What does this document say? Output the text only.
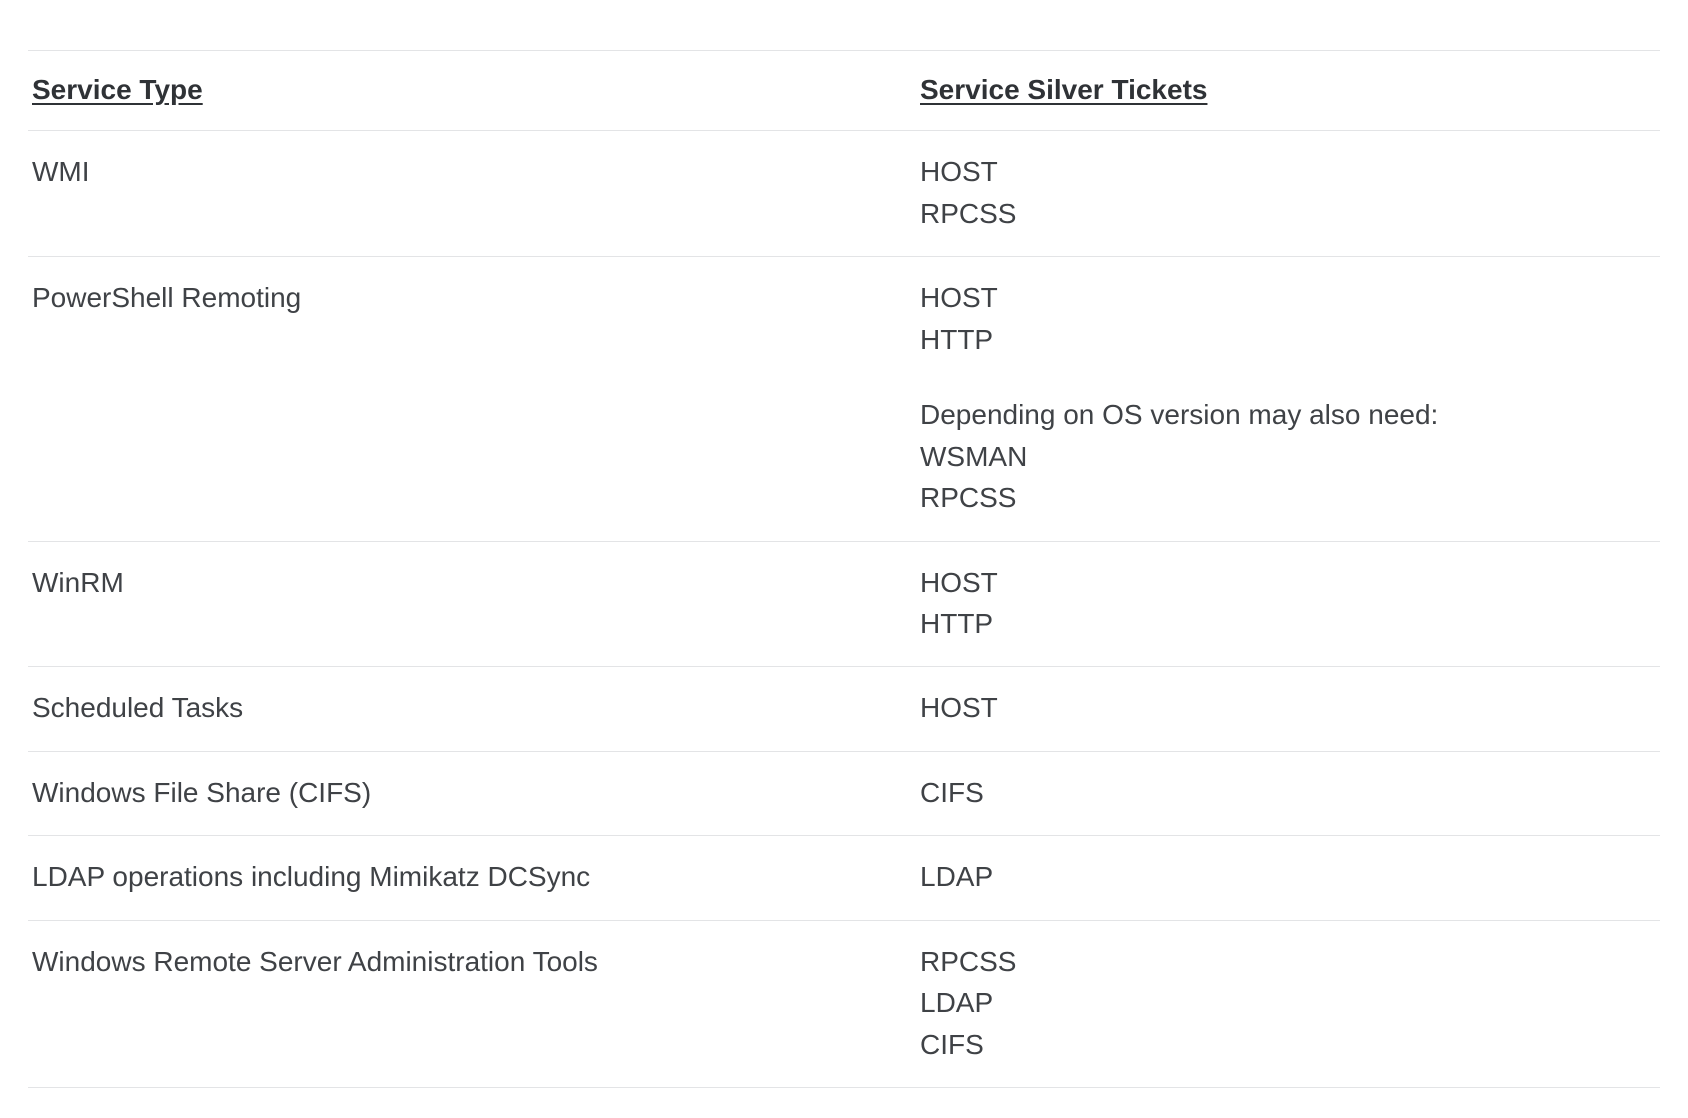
Service Type	Service Silver Tickets
WMI	HOST
RPCSS

PowerShell Remoting	HOST
HTTP
Depending on OS version may also need:
WSMAN
RPCSS

WinRM	HOST
HTTP

Scheduled Tasks	HOST

Windows File Share (CIFS)	CIFS

LDAP operations including Mimikatz DCSync	LDAP

Windows Remote Server Administration Tools	RPCSS
LDAP
CIFS
